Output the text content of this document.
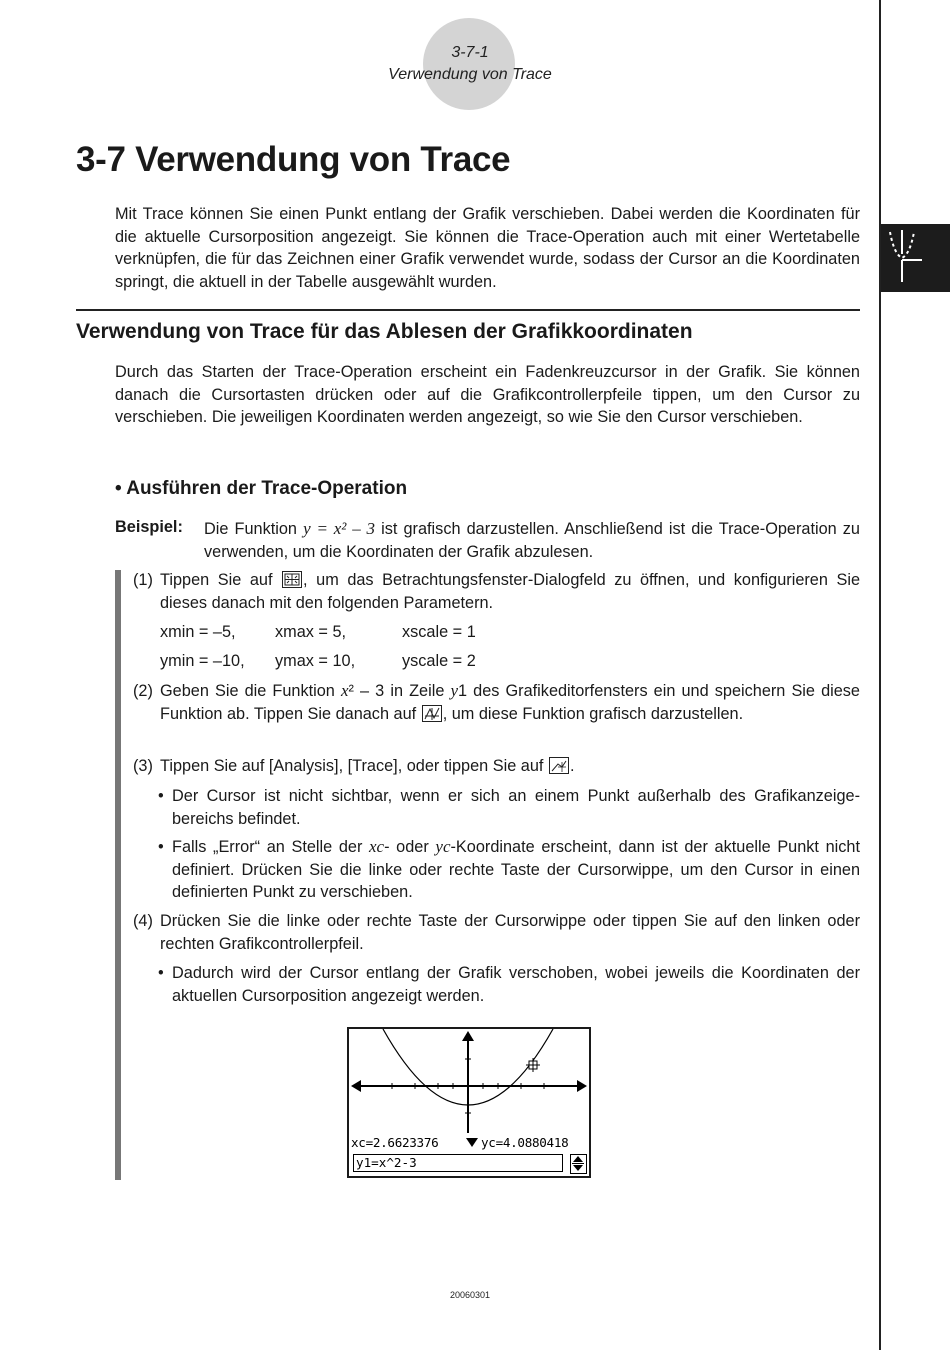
3-7-1
Verwendung von Trace
3-7 Verwendung von Trace
Mit Trace können Sie einen Punkt entlang der Grafik verschieben. Dabei werden die Koordinaten für die aktuelle Cursorposition angezeigt. Sie können die Trace-Operation auch mit einer Wertetabelle verknüpfen, die für das Zeichnen einer Grafik verwendet wurde, sodass der Cursor an die Koordinaten springt, die aktuell in der Tabelle ausgewählt wurden.
Verwendung von Trace für das Ablesen der Grafikkoordinaten
Durch das Starten der Trace-Operation erscheint ein Fadenkreuzcursor in der Grafik. Sie können danach die Cursortasten drücken oder auf die Grafikcontrollerpfeile tippen, um den Cursor zu verschieben. Die jeweiligen Koordinaten werden angezeigt, so wie Sie den Cursor verschieben.
• Ausführen der Trace-Operation
Beispiel: Die Funktion y = x² – 3 ist grafisch darzustellen. Anschließend ist die Trace-Operation zu verwenden, um die Koordinaten der Grafik abzulesen.
(1) Tippen Sie auf
, um das Betrachtungsfenster-Dialogfeld zu öffnen, und konfigurieren Sie dieses danach mit den folgenden Parametern.
xmin = –5, xmax = 5,	xscale = 1
ymin = –10, ymax = 10,	yscale = 2
(2) Geben Sie die Funktion x² – 3 in Zeile y1 des Grafikeditorfensters ein und speichern Sie diese Funktion ab. Tippen Sie danach auf
, um diese Funktion grafisch darzustellen.
(3) Tippen Sie auf [Analysis], [Trace], oder tippen Sie auf
.
• Der Cursor ist nicht sichtbar, wenn er sich an einem Punkt außerhalb des Grafikanzeige-bereichs befindet.
• Falls „Error“ an Stelle der xc- oder yc-Koordinate erscheint, dann ist der aktuelle Punkt nicht definiert. Drücken Sie die linke oder rechte Taste der Cursorwippe, um den Cursor in einen definierten Punkt zu verschieben.
(4) Drücken Sie die linke oder rechte Taste der Cursorwippe oder tippen Sie auf den linken oder rechten Grafikcontrollerpfeil.
• Dadurch wird der Cursor entlang der Grafik verschoben, wobei jeweils die Koordinaten der aktuellen Cursorposition angezeigt werden.
xc=2.6623376	yc=4.0880418
y1=x^2-3
20060301
